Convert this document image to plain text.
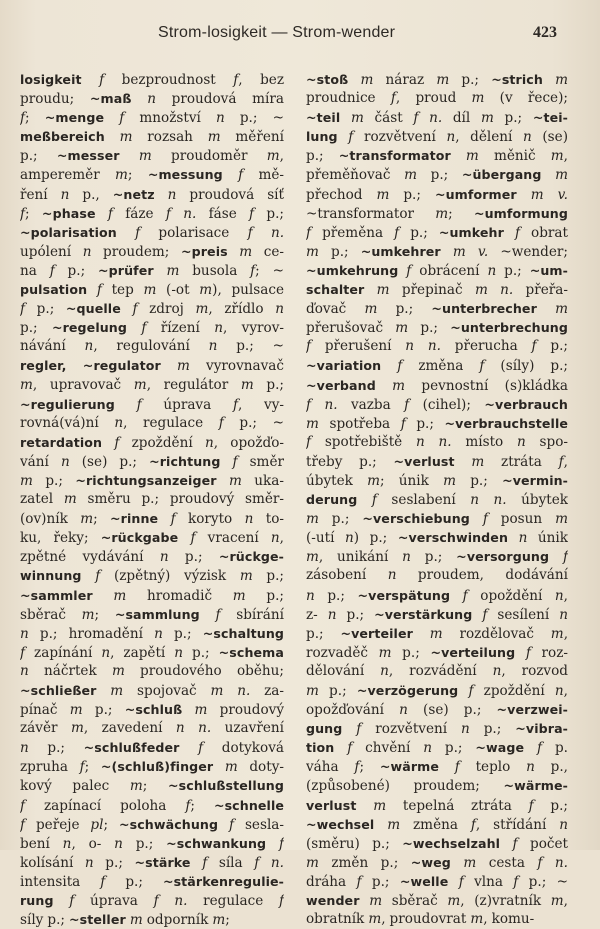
Strom-losigkeit — Strom-wender	423
losigkeit f bezproudnost f, bez
proudu; ~maß n proudová míra
f; ~menge f množství n p.; ~
meßbereich m rozsah m měření
p.; ~messer m proudoměr m,
ampereměr m; ~messung f mě-
ření n p., ~netz n proudová síť
f; ~phase f fáze f n. fáse f p.;
~polarisation f polarisace f n.
upólení n proudem; ~preis m ce-
na f p.; ~prüfer m busola f; ~
pulsation f tep m (-ot m), pulsace
f p.; ~quelle f zdroj m, zřídlo n
p.; ~regelung f řízení n, vyrov-
návání n, regulování n p.; ~
regler, ~regulator m vyrovnavač
m, upravovač m, regulátor m p.;
~regulierung f úprava f, vy-
rovná(vá)ní n, regulace f p.; ~
retardation f zpoždění n, opožďo-
vání n (se) p.; ~richtung f směr
m p.; ~richtungsanzeiger m uka-
zatel m směru p.; proudový směr-
(ov)ník m; ~rinne f koryto n to-
ku, řeky; ~rückgabe f vracení n,
zpětné vydávání n p.; ~rückge-
winnung f (zpětný) výzisk m p.;
~sammler m hromadič m p.;
sběrač m; ~sammlung f sbírání
n p.; hromadění n p.; ~schaltung
f zapínání n, zapětí n p.; ~schema
n náčrtek m proudového oběhu;
~schließer m spojovač m n. za-
pínač m p.; ~schluß m proudový
závěr m, zavedení n n. uzavření
n p.; ~schlußfeder f dotyková
zpruha f; ~(schluß)finger m doty-
kový palec m; ~schlußstellung
f zapínací poloha f; ~schnelle
f peřeje pl; ~schwächung f sesla-
bení n, o- n p.; ~schwankung f
kolísání n p.; ~stärke f síla f n.
intensita f p.; ~stärkenregulie-
rung f úprava f n. regulace f
síly p.; ~steller m odporník m;
~stoß m náraz m p.; ~strich m
proudnice f, proud m (v řece);
~teil m část f n. díl m p.; ~tei-
lung f rozvětvení n, dělení n (se)
p.; ~transformator m měnič m,
přeměňovač m p.; ~übergang m
přechod m p.; ~umformer m v.
~transformator m; ~umformung
f přeměna f p.; ~umkehr f obrat
m p.; ~umkehrer m v. ~wender;
~umkehrung f obrácení n p.; ~um-
schalter m přepinač m n. přeřa-
ďovač m p.; ~unterbrecher m
přerušovač m p.; ~unterbrechung
f přerušení n n. přerucha f p.;
~variation f změna f (síly) p.;
~verband m pevnostní (s)kládka
f n. vazba f (cihel); ~verbrauch
m spotřeba f p.; ~verbrauchstelle
f spotřebiště n n. místo n spo-
třeby p.; ~verlust m ztráta f,
úbytek m; únik m p.; ~vermin-
derung f seslabení n n. úbytek
m p.; ~verschiebung f posun m
(-utí n) p.; ~verschwinden n únik
m, unikání n p.; ~versorgung f
zásobení n proudem, dodávání
n p.; ~verspätung f opoždění n,
z- n p.; ~verstärkung f sesílení n
p.; ~verteiler m rozdělovač m,
rozvaděč m p.; ~verteilung f roz-
dělování n, rozvádění n, rozvod
m p.; ~verzögerung f zpoždění n,
opožďování n (se) p.; ~verzwei-
gung f rozvětvení n p.; ~vibra-
tion f chvění n p.; ~wage f p.
váha f; ~wärme f teplo n p.,
(způsobené) proudem; ~wärme-
verlust m tepelná ztráta f p.;
~wechsel m změna f, střídání n
(směru) p.; ~wechselzahl f počet
m změn p.; ~weg m cesta f n.
dráha f p.; ~welle f vlna f p.; ~
wender m sběrač m, (z)vratník m,
obratník m, proudovrat m, komu-
